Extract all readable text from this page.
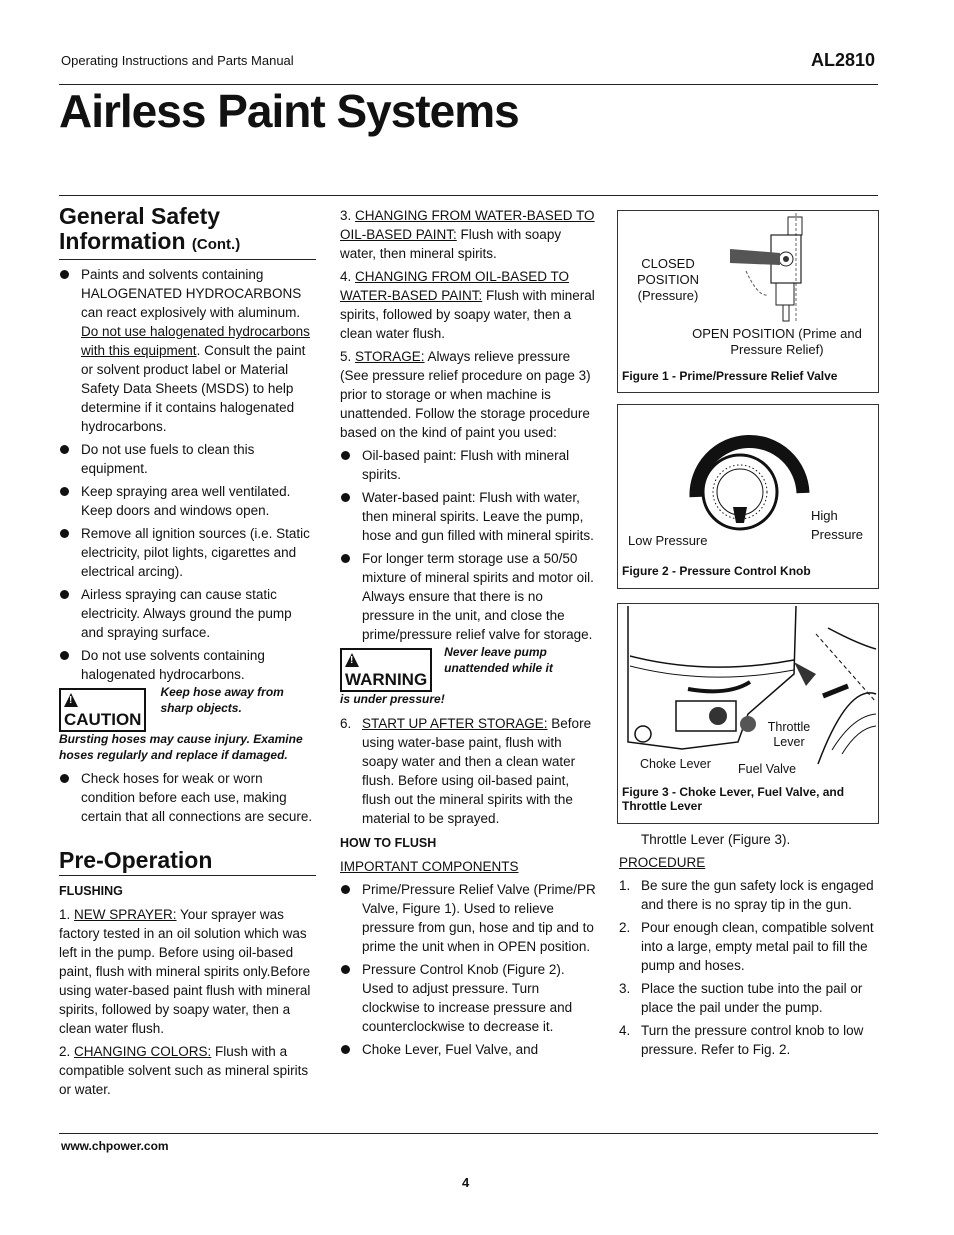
Operating Instructions and Parts Manual	AL2810
Airless Paint Systems
General Safety
Information (Cont.)
Paints and solvents containing HALOGENATED HYDROCARBONS can react explosively with aluminum. Do not use halogenated hydrocarbons with this equipment. Consult the paint or solvent product label or Material Safety Data Sheets (MSDS) to help determine if it contains halogenated hydrocarbons.
Do not use fuels to clean this equipment.
Keep spraying area well ventilated. Keep doors and windows open.
Remove all ignition sources (i.e. Static electricity, pilot lights, cigarettes and electrical arcing).
Airless spraying can cause static electricity. Always ground the pump and spraying surface.
Do not use solvents containing halogenated hydrocarbons.
!
CAUTION
Keep hose away from sharp objects.
Bursting hoses may cause injury. Examine hoses regularly and replace if damaged.
Check hoses for weak or worn condition before each use, making certain that all connections are secure.
Pre-Operation
FLUSHING

1. NEW SPRAYER: Your sprayer was factory tested in an oil solution which was left in the pump. Before using oil-based paint, flush with mineral spirits only.Before using water-based paint flush with mineral spirits, followed by soapy water, then a clean water flush.

2. CHANGING COLORS: Flush with a compatible solvent such as mineral spirits or water.

3. CHANGING FROM WATER-BASED TO OIL-BASED PAINT: Flush with soapy water, then mineral spirits.

4. CHANGING FROM OIL-BASED TO WATER-BASED PAINT: Flush with mineral spirits, followed by soapy water, then a clean water flush.

5. STORAGE: Always relieve pressure (See pressure relief procedure on page 3) prior to storage or when machine is unattended. Follow the storage procedure based on the kind of paint you used:

Oil-based paint: Flush with mineral spirits.
Water-based paint: Flush with water, then mineral spirits. Leave the pump, hose and gun filled with mineral spirits.
For longer term storage use a 50/50 mixture of mineral spirits and motor oil. Always ensure that there is no pressure in the unit, and close the prime/pressure relief valve for storage.
!
WARNING
Never leave pump unattended while it
is under pressure!
6. START UP AFTER STORAGE: Before using water-base paint, flush with soapy water and then a clean water flush. Before using oil-based paint, flush out the mineral spirits with the material to be sprayed.
HOW TO FLUSH

IMPORTANT COMPONENTS

Prime/Pressure Relief Valve (Prime/PR Valve, Figure 1). Used to relieve pressure from gun, hose and tip and to prime the unit when in OPEN position.
Pressure Control Knob (Figure 2). Used to adjust pressure. Turn clockwise to increase pressure and counterclockwise to decrease it.
Choke Lever, Fuel Valve, and
CLOSED POSITION (Pressure)
OPEN POSITION (Prime and Pressure Relief)
Figure 1 - Prime/Pressure Relief Valve
Low Pressure
High Pressure
Figure 2 - Pressure Control Knob
Throttle Lever
Choke Lever Fuel Valve
Figure 3 - Choke Lever, Fuel Valve, and Throttle Lever

Throttle Lever (Figure 3).

PROCEDURE

1. Be sure the gun safety lock is engaged and there is no spray tip in the gun.
2. Pour enough clean, compatible solvent into a large, empty metal pail to fill the pump and hoses.
3. Place the suction tube into the pail or place the pail under the pump.
4. Turn the pressure control knob to low pressure. Refer to Fig. 2.
www.chpower.com
4
